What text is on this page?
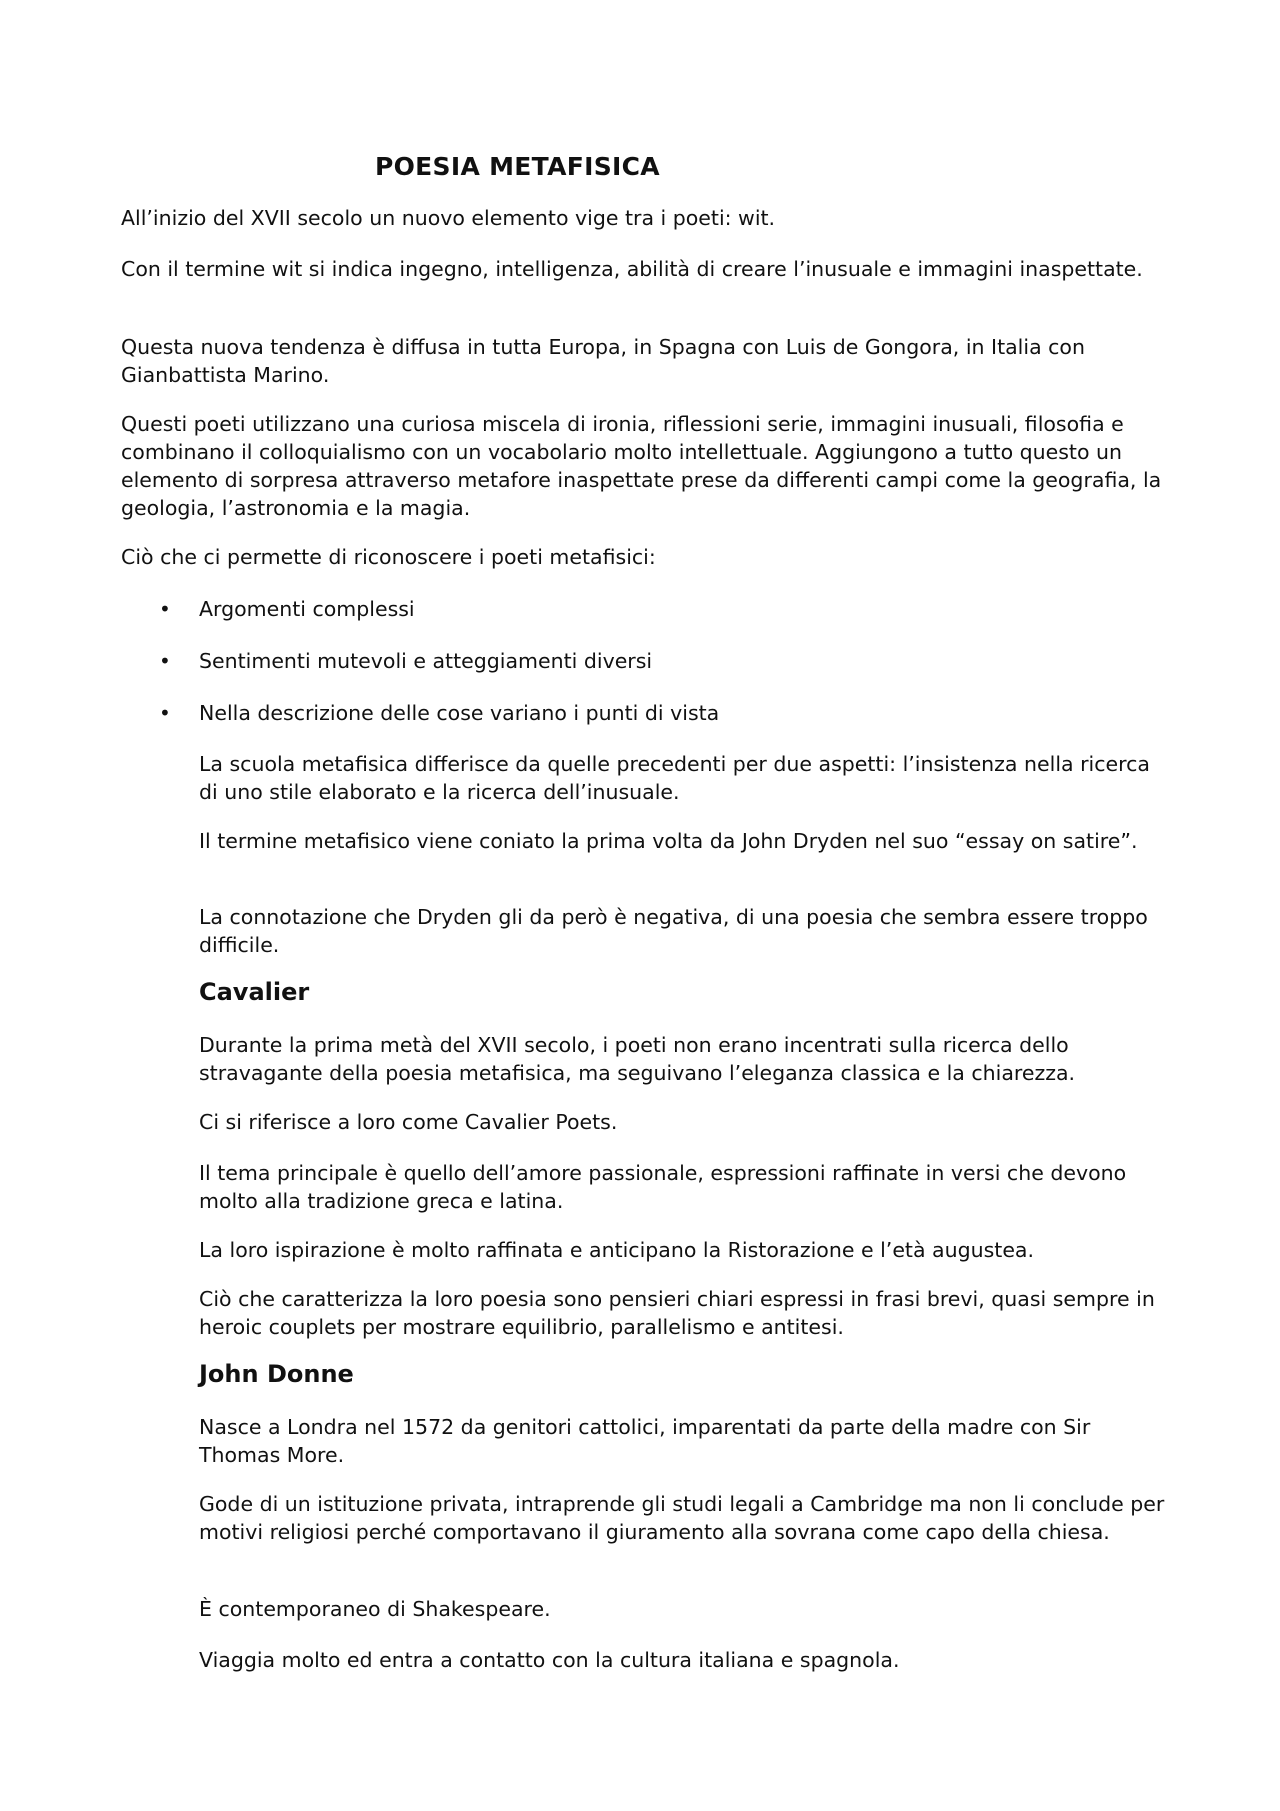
POESIA METAFISICA

All’inizio del XVII secolo un nuovo elemento vige tra i poeti: wit.

Con il termine wit si indica ingegno, intelligenza, abilità di creare l’inusuale e immagini inaspettate.

Questa nuova tendenza è diffusa in tutta Europa, in Spagna con Luis de Gongora, in Italia con Gianbattista Marino.

Questi poeti utilizzano una curiosa miscela di ironia, riflessioni serie, immagini inusuali, filosofia e combinano il colloquialismo con un vocabolario molto intellettuale. Aggiungono a tutto questo un elemento di sorpresa attraverso metafore inaspettate prese da differenti campi come la geografia, la geologia, l’astronomia e la magia.

Ciò che ci permette di riconoscere i poeti metafisici:

• Argomenti complessi

• Sentimenti mutevoli e atteggiamenti diversi

• Nella descrizione delle cose variano i punti di vista

La scuola metafisica differisce da quelle precedenti per due aspetti: l’insistenza nella ricerca di uno stile elaborato e la ricerca dell’inusuale.

Il termine metafisico viene coniato la prima volta da John Dryden nel suo “essay on satire”.

La connotazione che Dryden gli da però è negativa, di una poesia che sembra essere troppo difficile.

Cavalier

Durante la prima metà del XVII secolo, i poeti non erano incentrati sulla ricerca dello stravagante della poesia metafisica, ma seguivano l’eleganza classica e la chiarezza.

Ci si riferisce a loro come Cavalier Poets.

Il tema principale è quello dell’amore passionale, espressioni raffinate in versi che devono molto alla tradizione greca e latina.

La loro ispirazione è molto raffinata e anticipano la Ristorazione e l’età augustea.

Ciò che caratterizza la loro poesia sono pensieri chiari espressi in frasi brevi, quasi sempre in heroic couplets per mostrare equilibrio, parallelismo e antitesi.

John Donne

Nasce a Londra nel 1572 da genitori cattolici, imparentati da parte della madre con Sir Thomas More.

Gode di un istituzione privata, intraprende gli studi legali a Cambridge ma non li conclude per motivi religiosi perché comportavano il giuramento alla sovrana come capo della chiesa.

È contemporaneo di Shakespeare.

Viaggia molto ed entra a contatto con la cultura italiana e spagnola.
